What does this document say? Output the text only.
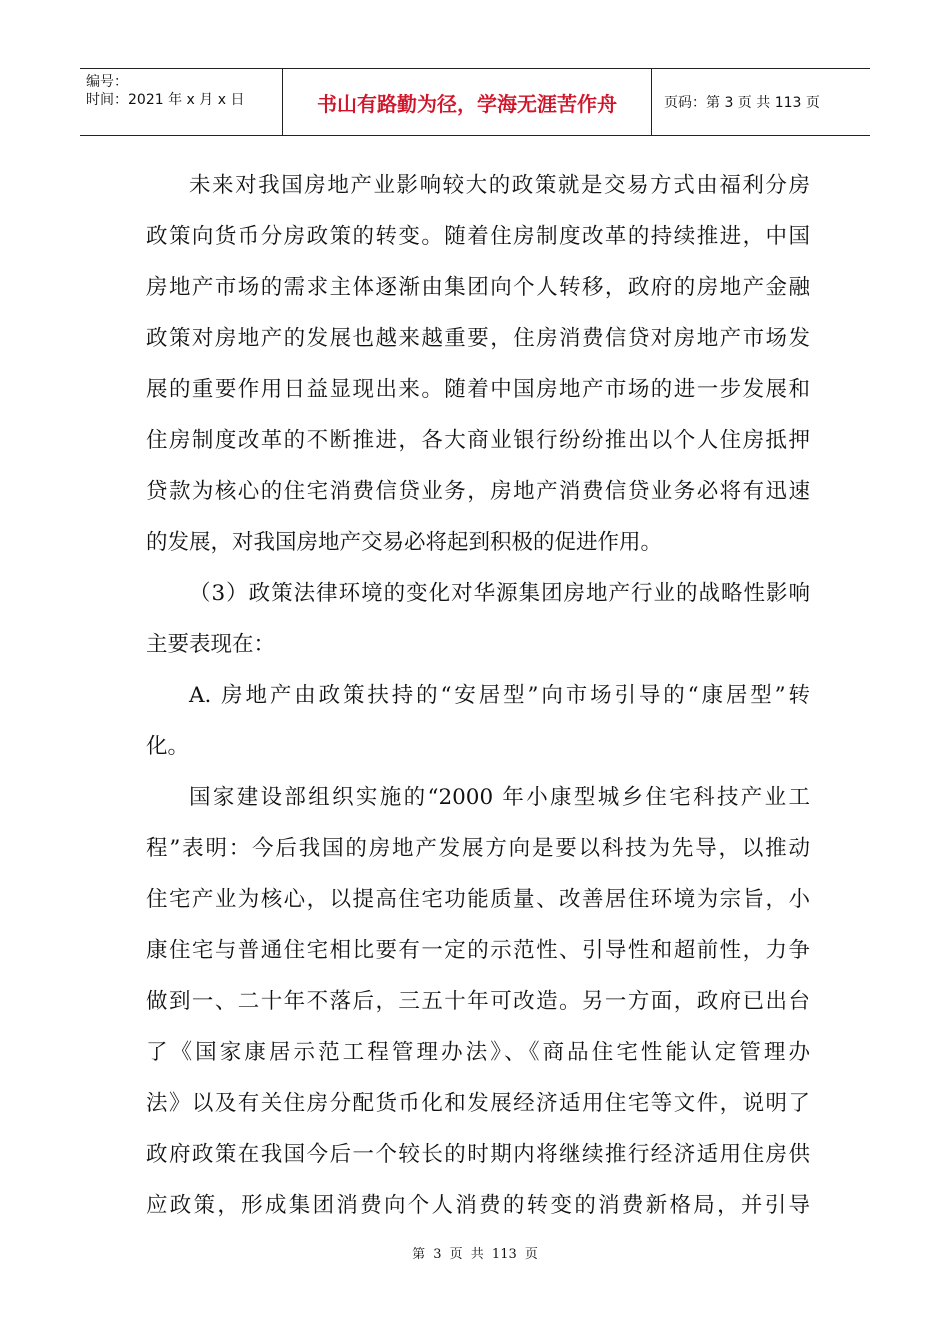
编号：
时间：2021 年 x 月 x 日	书山有路勤为径，学海无涯苦作舟	页码：第 3 页 共 113 页
未来对我国房地产业影响较大的政策就是交易方式由福利分房
政策向货币分房政策的转变。随着住房制度改革的持续推进，中国
房地产市场的需求主体逐渐由集团向个人转移，政府的房地产金融
政策对房地产的发展也越来越重要，住房消费信贷对房地产市场发
展的重要作用日益显现出来。随着中国房地产市场的进一步发展和
住房制度改革的不断推进，各大商业银行纷纷推出以个人住房抵押
贷款为核心的住宅消费信贷业务，房地产消费信贷业务必将有迅速
的发展，对我国房地产交易必将起到积极的促进作用。
（3）政策法律环境的变化对华源集团房地产行业的战略性影响
主要表现在：
A. 房地产由政策扶持的“安居型”向市场引导的“康居型”转
化。
国家建设部组织实施的“2000 年小康型城乡住宅科技产业工
程”表明：今后我国的房地产发展方向是要以科技为先导，以推动
住宅产业为核心，以提高住宅功能质量、改善居住环境为宗旨，小
康住宅与普通住宅相比要有一定的示范性、引导性和超前性，力争
做到一、二十年不落后，三五十年可改造。另一方面，政府已出台
了《国家康居示范工程管理办法》、《商品住宅性能认定管理办
法》以及有关住房分配货币化和发展经济适用住宅等文件，说明了
政府政策在我国今后一个较长的时期内将继续推行经济适用住房供
应政策，形成集团消费向个人消费的转变的消费新格局，并引导
第 3 页 共 113 页
